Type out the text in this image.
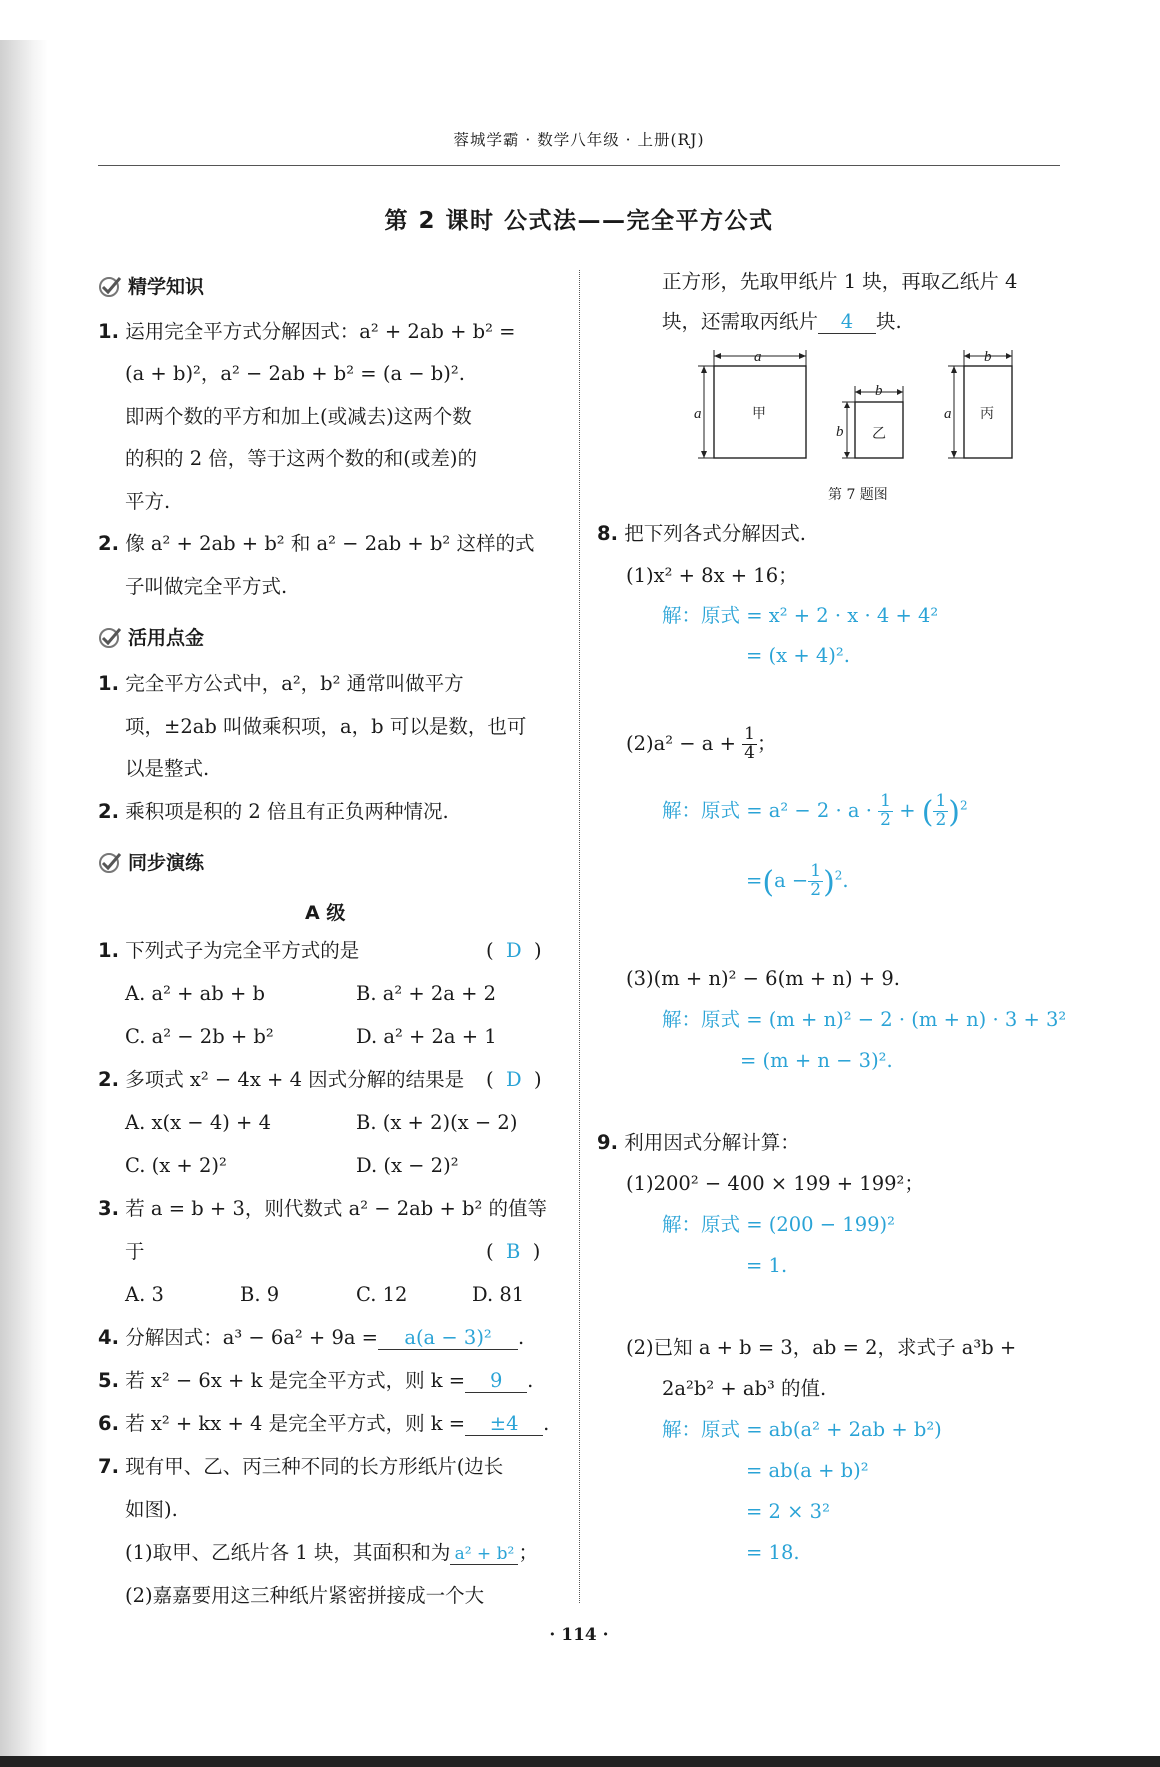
蓉城学霸 · 数学八年级 · 上册(RJ)
第 2 课时 公式法——完全平方公式
精学知识
1. 运用完全平方式分解因式：a² + 2ab + b² =
(a + b)²，a² − 2ab + b² = (a − b)².
即两个数的平方和加上(或减去)这两个数
的积的 2 倍，等于这两个数的和(或差)的
平方.
2. 像 a² + 2ab + b² 和 a² − 2ab + b² 这样的式
子叫做完全平方式.
活用点金
1. 完全平方公式中，a²，b² 通常叫做平方
项，±2ab 叫做乘积项，a，b 可以是数，也可
以是整式.
2. 乘积项是积的 2 倍且有正负两种情况.
同步演练
A 级
1. 下列式子为完全平方式的是	(  D  )
A. a² + ab + b	B. a² + 2a + 2
C. a² − 2b + b²	D. a² + 2a + 1
2. 多项式 x² − 4x + 4 因式分解的结果是 (  D  )
A. x(x − 4) + 4	B. (x + 2)(x − 2)
C. (x + 2)²	D. (x − 2)²
3. 若 a = b + 3，则代数式 a² − 2ab + b² 的值等
于	(  B  )
A. 3	B. 9	C. 12	D. 81
4. 分解因式：a³ − 6a² + 9a = a(a − 3)² .
5. 若 x² − 6x + k 是完全平方式，则 k = 9 .
6. 若 x² + kx + 4 是完全平方式，则 k = ±4 .
7. 现有甲、乙、丙三种不同的长方形纸片(边长
如图).
(1)取甲、乙纸片各 1 块，其面积和为 a² + b² ；
(2)嘉嘉要用这三种纸片紧密拼接成一个大
正方形，先取甲纸片 1 块，再取乙纸片 4
块，还需取丙纸片 4 块.
a
a
b
b
b
a
甲
乙
丙
第 7 题图
8. 把下列各式分解因式.
(1)x² + 8x + 16；
解：原式 = x² + 2 · x · 4 + 4²
= (x + 4)².
$(2)a^2 - a + \frac{1}{4}$ ；
解：原式 = $a^2 - 2 \cdot a \cdot \frac{1}{2}$ + ( $\frac{1}{2} )^2$
$=(a - \frac{1}{2} )^2$.
(3)(m + n)² − 6(m + n) + 9.
解：原式 = (m + n)² − 2 · (m + n) · 3 + 3²
= (m + n − 3)².
9. 利用因式分解计算：
(1)200² − 400 × 199 + 199²；
解：原式 = (200 − 199)²
= 1.
(2)已知 a + b = 3，ab = 2，求式子 a³b +
2a²b² + ab³ 的值.
解：原式 = ab(a² + 2ab + b²)
= ab(a + b)²
= 2 × 3²
= 18.
· 114 ·
